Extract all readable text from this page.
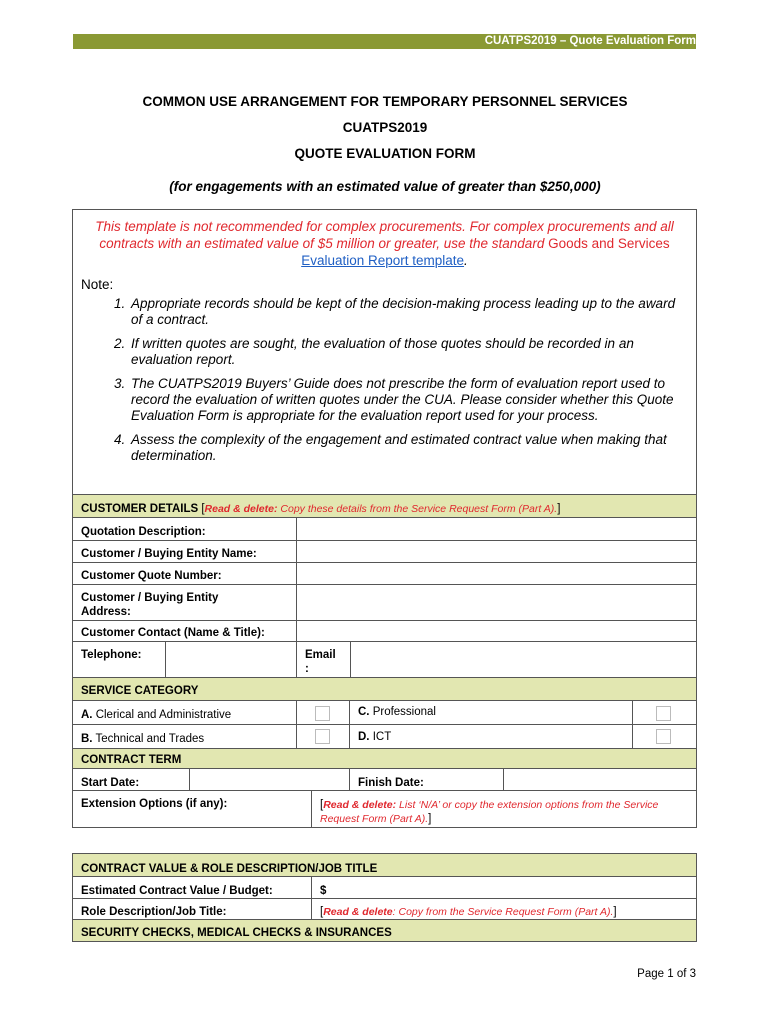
CUATPS2019 – Quote Evaluation Form
COMMON USE ARRANGEMENT FOR TEMPORARY PERSONNEL SERVICES
CUATPS2019
QUOTE EVALUATION FORM
(for engagements with an estimated value of greater than $250,000)
This template is not recommended for complex procurements. For complex procurements and all contracts with an estimated value of $5 million or greater, use the standard Goods and Services Evaluation Report template.
Note:
1. Appropriate records should be kept of the decision-making process leading up to the award of a contract.
2. If written quotes are sought, the evaluation of those quotes should be recorded in an evaluation report.
3. The CUATPS2019 Buyers’ Guide does not prescribe the form of evaluation report used to record the evaluation of written quotes under the CUA. Please consider whether this Quote Evaluation Form is appropriate for the evaluation report used for your process.
4. Assess the complexity of the engagement and estimated contract value when making that determination.
CUSTOMER DETAILS [Read & delete: Copy these details from the Service Request Form (Part A).]
Quotation Description:
Customer / Buying Entity Name:
Customer Quote Number:
Customer / Buying Entity Address:
Customer Contact (Name & Title):
Telephone:	Email :
SERVICE CATEGORY
A. Clerical and Administrative	C. Professional
B. Technical and Trades	D. ICT
CONTRACT TERM
Start Date:	Finish Date:
Extension Options (if any):	[Read & delete: List ‘N/A’ or copy the extension options from the Service Request Form (Part A).]
CONTRACT VALUE & ROLE DESCRIPTION/JOB TITLE
Estimated Contract Value / Budget:	$
Role Description/Job Title:	[Read & delete: Copy from the Service Request Form (Part A).]
SECURITY CHECKS, MEDICAL CHECKS & INSURANCES
Page 1 of 3
